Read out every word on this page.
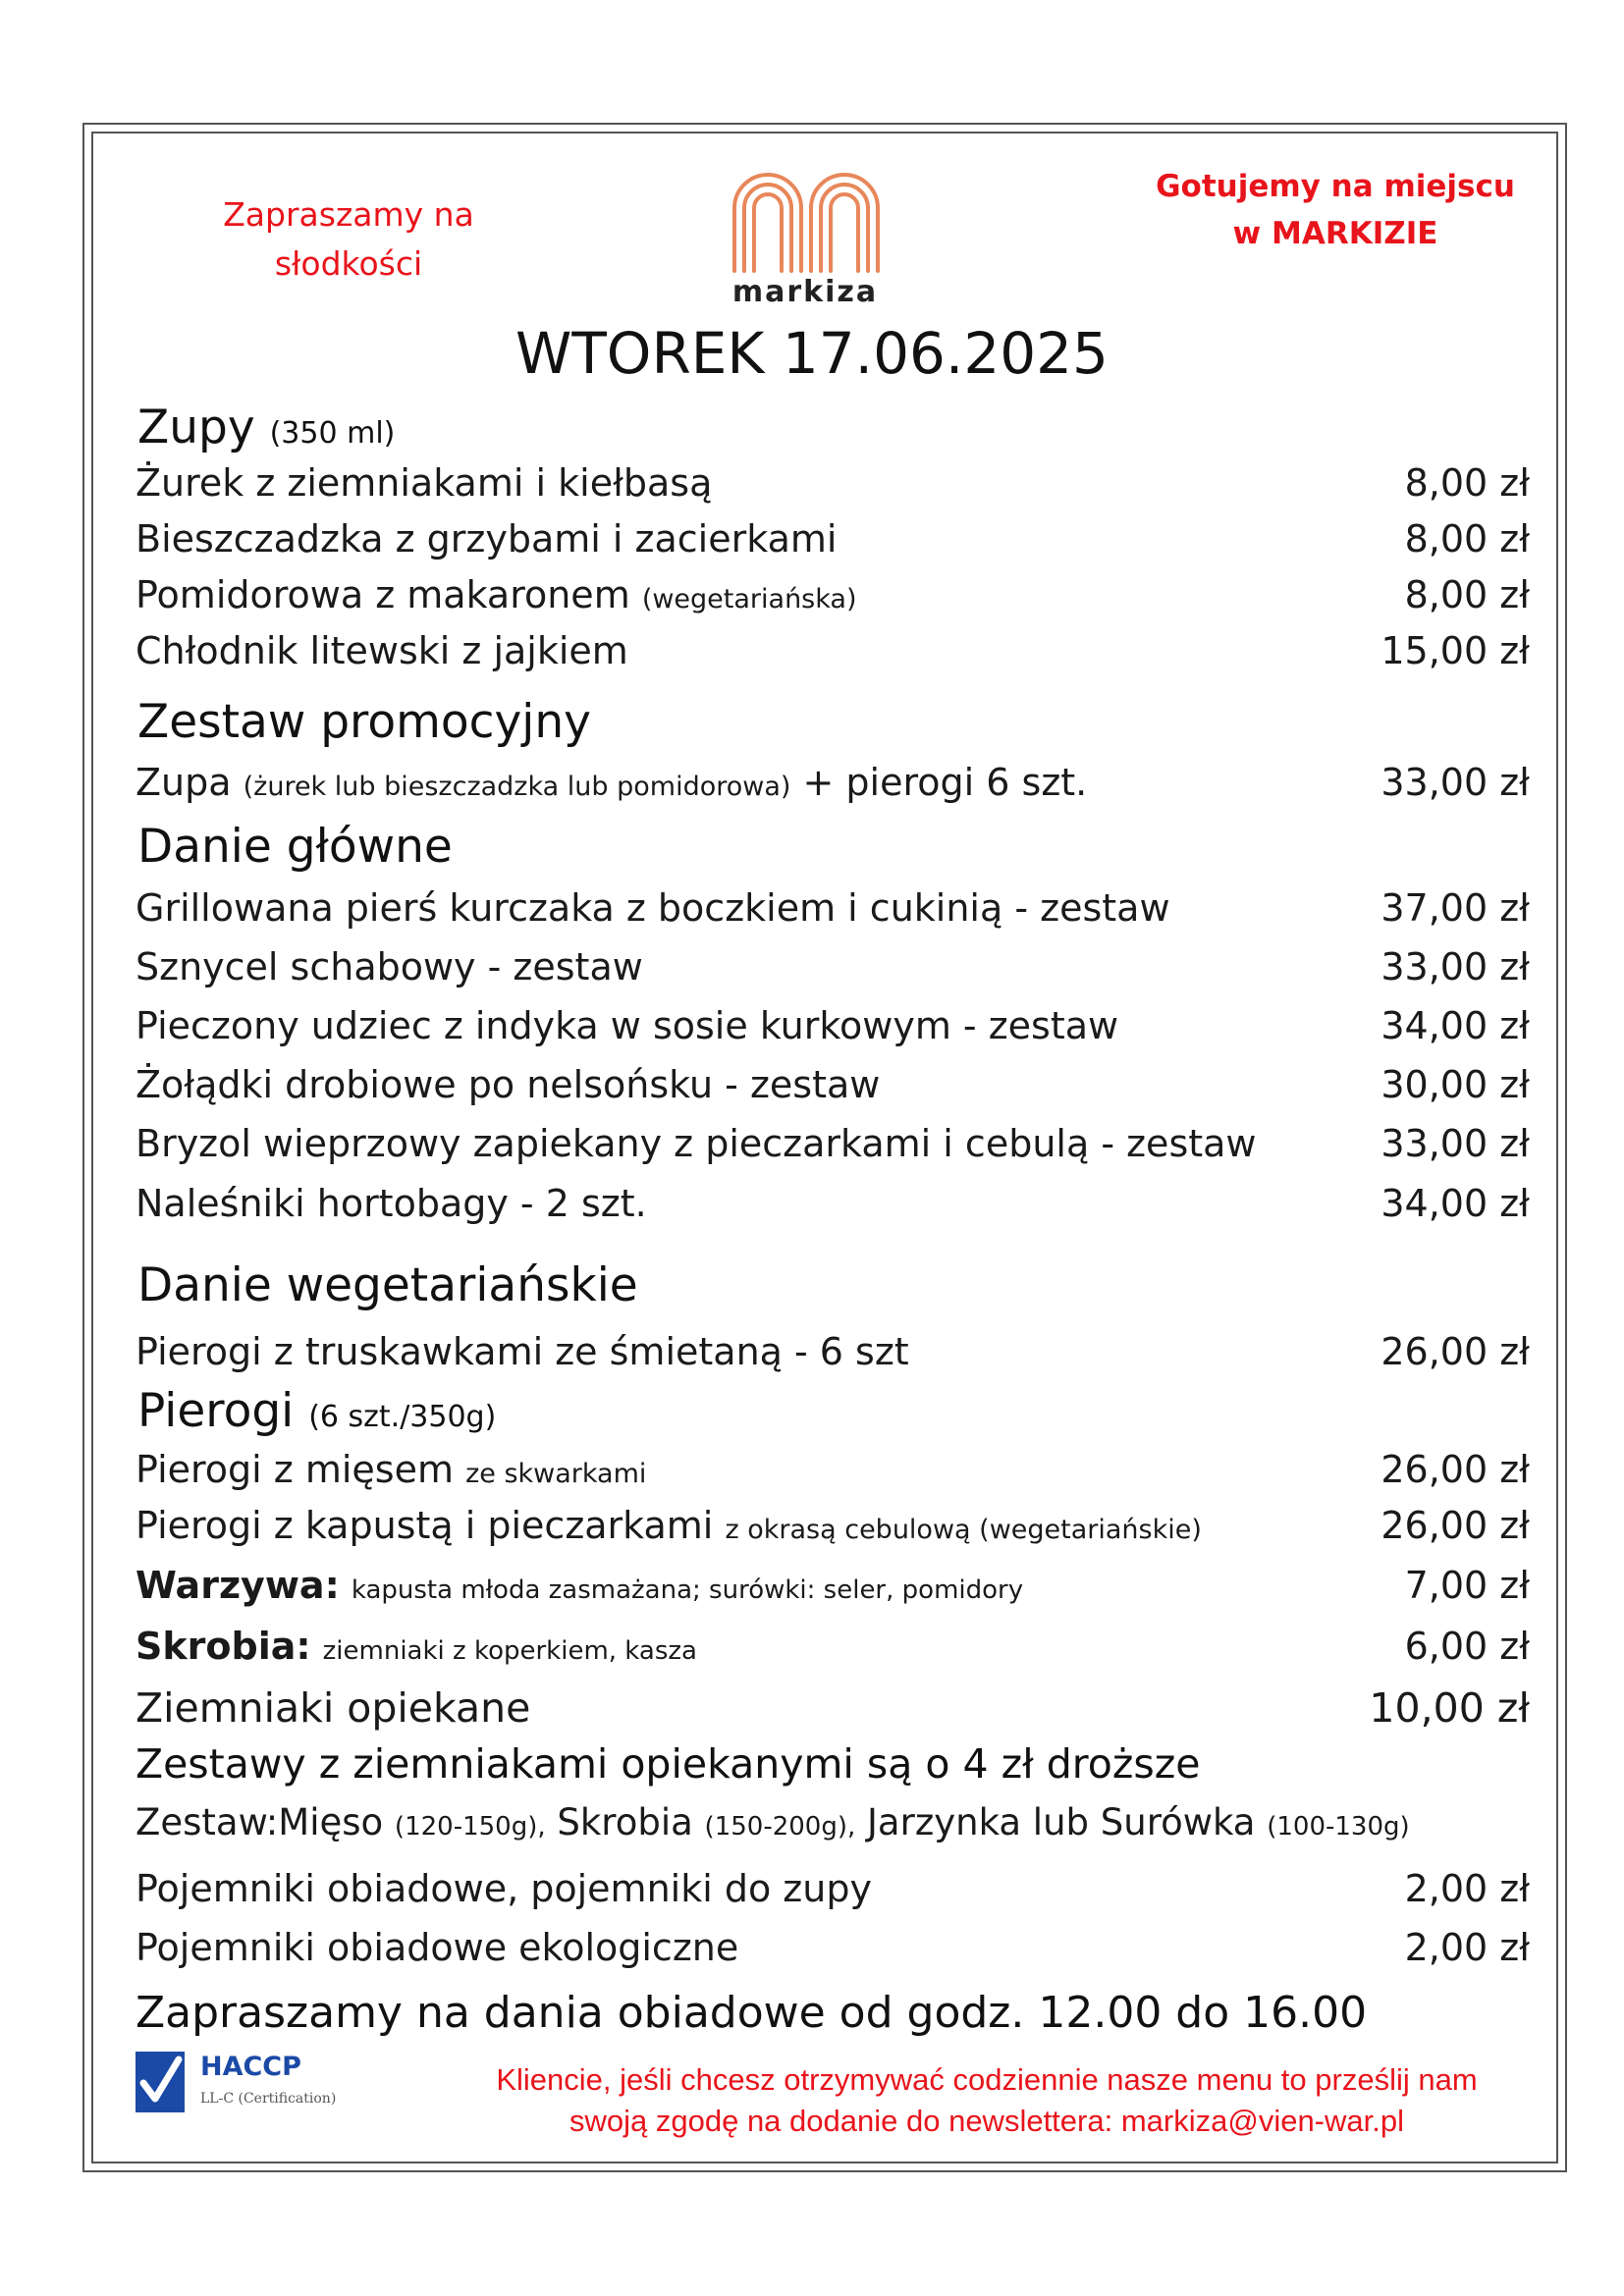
Zapraszamy na
słodkości
markiza
Gotujemy na miejscu
w MARKIZIE
WTOREK 17.06.2025
Zupy (350 ml)
Żurek z ziemniakami i kiełbasą	8,00 zł
Bieszczadzka z grzybami i zacierkami	8,00 zł
Pomidorowa z makaronem (wegetariańska)	8,00 zł
Chłodnik litewski z jajkiem	15,00 zł
Zestaw promocyjny
Zupa (żurek lub bieszczadzka lub pomidorowa) + pierogi 6 szt.	33,00 zł
Danie główne
Grillowana pierś kurczaka z boczkiem i cukinią - zestaw	37,00 zł
Sznycel schabowy - zestaw	33,00 zł
Pieczony udziec z indyka w sosie kurkowym - zestaw	34,00 zł
Żołądki drobiowe po nelsońsku - zestaw	30,00 zł
Bryzol wieprzowy zapiekany z pieczarkami i cebulą - zestaw	33,00 zł
Naleśniki hortobagy - 2 szt.	34,00 zł
Danie wegetariańskie
Pierogi z truskawkami ze śmietaną - 6 szt	26,00 zł
Pierogi (6 szt./350g)
Pierogi z mięsem ze skwarkami	26,00 zł
Pierogi z kapustą i pieczarkami z okrasą cebulową (wegetariańskie)	26,00 zł
Warzywa: kapusta młoda zasmażana; surówki: seler, pomidory	7,00 zł
Skrobia: ziemniaki z koperkiem, kasza	6,00 zł
Ziemniaki opiekane	10,00 zł
Zestawy z ziemniakami opiekanymi są o 4 zł droższe
Zestaw:Mięso (120-150g), Skrobia (150-200g), Jarzynka lub Surówka (100-130g)
Pojemniki obiadowe, pojemniki do zupy	2,00 zł
Pojemniki obiadowe ekologiczne	2,00 zł
Zapraszamy na dania obiadowe od godz. 12.00 do 16.00
HACCP
LL-C (Certification)
Kliencie, jeśli chcesz otrzymywać codziennie nasze menu to prześlij nam
swoją zgodę na dodanie do newslettera: markiza@vien-war.pl
